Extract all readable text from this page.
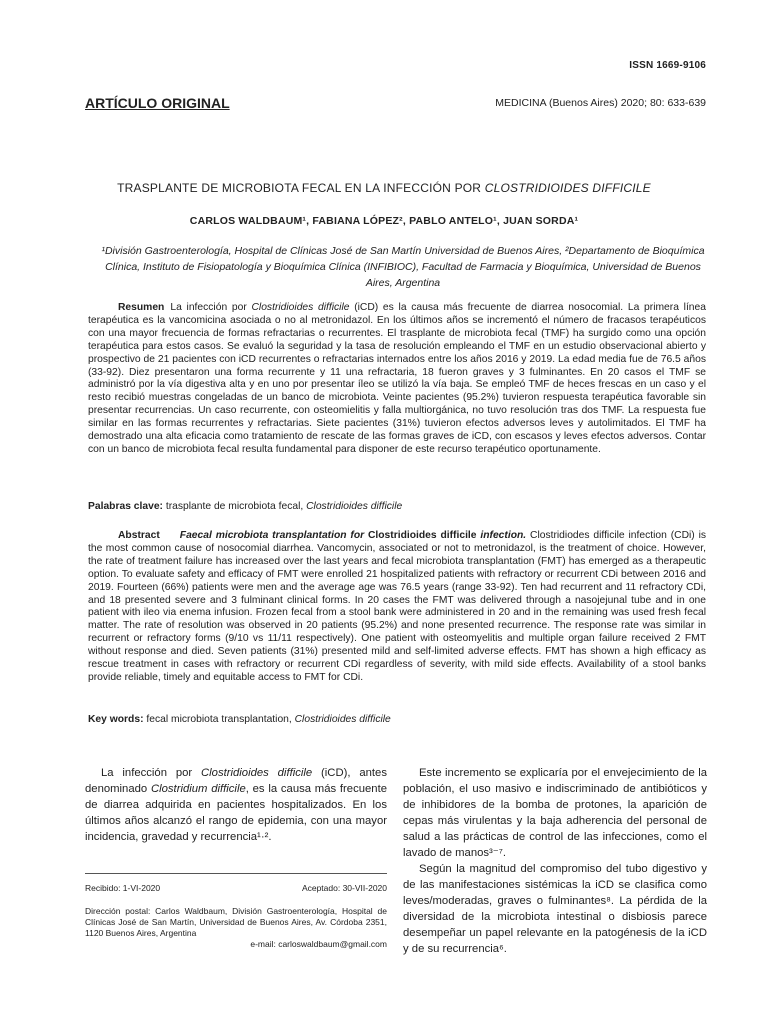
ISSN 1669-9106
ARTÍCULO ORIGINAL	MEDICINA (Buenos Aires) 2020; 80: 633-639
TRASPLANTE DE MICROBIOTA FECAL EN LA INFECCIÓN POR CLOSTRIDIOIDES DIFFICILE
CARLOS WALDBAUM¹, FABIANA LÓPEZ², PABLO ANTELO¹, JUAN SORDA¹
¹División Gastroenterología, Hospital de Clínicas José de San Martín Universidad de Buenos Aires, ²Departamento de Bioquímica Clínica, Instituto de Fisiopatología y Bioquímica Clínica (INFIBIOC), Facultad de Farmacia y Bioquímica, Universidad de Buenos Aires, Argentina
Resumen La infección por Clostridioides difficile (iCD) es la causa más frecuente de diarrea nosocomial. La primera línea terapéutica es la vancomicina asociada o no al metronidazol. En los últimos años se incrementó el número de fracasos terapéuticos con una mayor frecuencia de formas refractarias o recurrentes. El trasplante de microbiota fecal (TMF) ha surgido como una opción terapéutica para estos casos. Se evaluó la seguridad y la tasa de resolución empleando el TMF en un estudio observacional abierto y prospectivo de 21 pacientes con iCD recurrentes o refractarias internados entre los años 2016 y 2019. La edad media fue de 76.5 años (33-92). Diez presentaron una forma recurrente y 11 una refractaria, 18 fueron graves y 3 fulminantes. En 20 casos el TMF se administró por la vía digestiva alta y en uno por presentar íleo se utilizó la vía baja. Se empleó TMF de heces frescas en un caso y el resto recibió muestras congeladas de un banco de microbiota. Veinte pacientes (95.2%) tuvieron respuesta terapéutica favorable sin presentar recurrencias. Un caso recurrente, con osteomielitis y falla multiorgánica, no tuvo resolución tras dos TMF. La respuesta fue similar en las formas recurrentes y refractarias. Siete pacientes (31%) tuvieron efectos adversos leves y autolimitados. El TMF ha demostrado una alta eficacia como tratamiento de rescate de las formas graves de iCD, con escasos y leves efectos adversos. Contar con un banco de microbiota fecal resulta fundamental para disponer de este recurso terapéutico oportunamente.
Palabras clave: trasplante de microbiota fecal, Clostridioides difficile
Abstract Faecal microbiota transplantation for Clostridioides difficile infection. Clostridiodes difficile infection (CDi) is the most common cause of nosocomial diarrhea. Vancomycin, associated or not to metronidazol, is the treatment of choice. However, the rate of treatment failure has increased over the last years and fecal microbiota transplantation (FMT) has emerged as a therapeutic option. To evaluate safety and efficacy of FMT were enrolled 21 hospitalized patients with refractory or recurrent CDi between 2016 and 2019. Fourteen (66%) patients were men and the average age was 76.5 years (range 33-92). Ten had recurrent and 11 refractory CDi, and 18 presented severe and 3 fulminant clinical forms. In 20 cases the FMT was delivered through a nasojejunal tube and in one patient with ileo via enema infusion. Frozen fecal from a stool bank were administered in 20 and in the remaining was used fresh fecal matter. The rate of resolution was observed in 20 patients (95.2%) and none presented recurrence. The response rate was similar in recurrent or refractory forms (9/10 vs 11/11 respectively). One patient with osteomyelitis and multiple organ failure received 2 FMT without response and died. Seven patients (31%) presented mild and self-limited adverse effects. FMT has shown a high efficacy as rescue treatment in cases with refractory or recurrent CDi regardless of severity, with mild side effects. Availability of a stool banks provide reliable, timely and equitable access to FMT for CDi.
Key words: fecal microbiota transplantation, Clostridioides difficile

La infección por Clostridioides difficile (iCD), antes denominado Clostridium difficile, es la causa más frecuente de diarrea adquirida en pacientes hospitalizados. En los últimos años alcanzó el rango de epidemia, con una mayor incidencia, gravedad y recurrencia¹·².

Este incremento se explicaría por el envejecimiento de la población, el uso masivo e indiscriminado de antibióticos y de inhibidores de la bomba de protones, la aparición de cepas más virulentas y la baja adherencia del personal de salud a las prácticas de control de las infecciones, como el lavado de manos³⁻⁷.

Según la magnitud del compromiso del tubo digestivo y de las manifestaciones sistémicas la iCD se clasifica como leves/moderadas, graves o fulminantes⁸. La pérdida de la diversidad de la microbiota intestinal o disbiosis parece desempeñar un papel relevante en la patogénesis de la iCD y de su recurrencia⁶.

Recibido: 1-VI-2020	Aceptado: 30-VII-2020
Dirección postal: Carlos Waldbaum, División Gastroenterología, Hospital de Clínicas José de San Martín, Universidad de Buenos Aires, Av. Córdoba 2351, 1120 Buenos Aires, Argentina
e-mail: carloswaldbaum@gmail.com
